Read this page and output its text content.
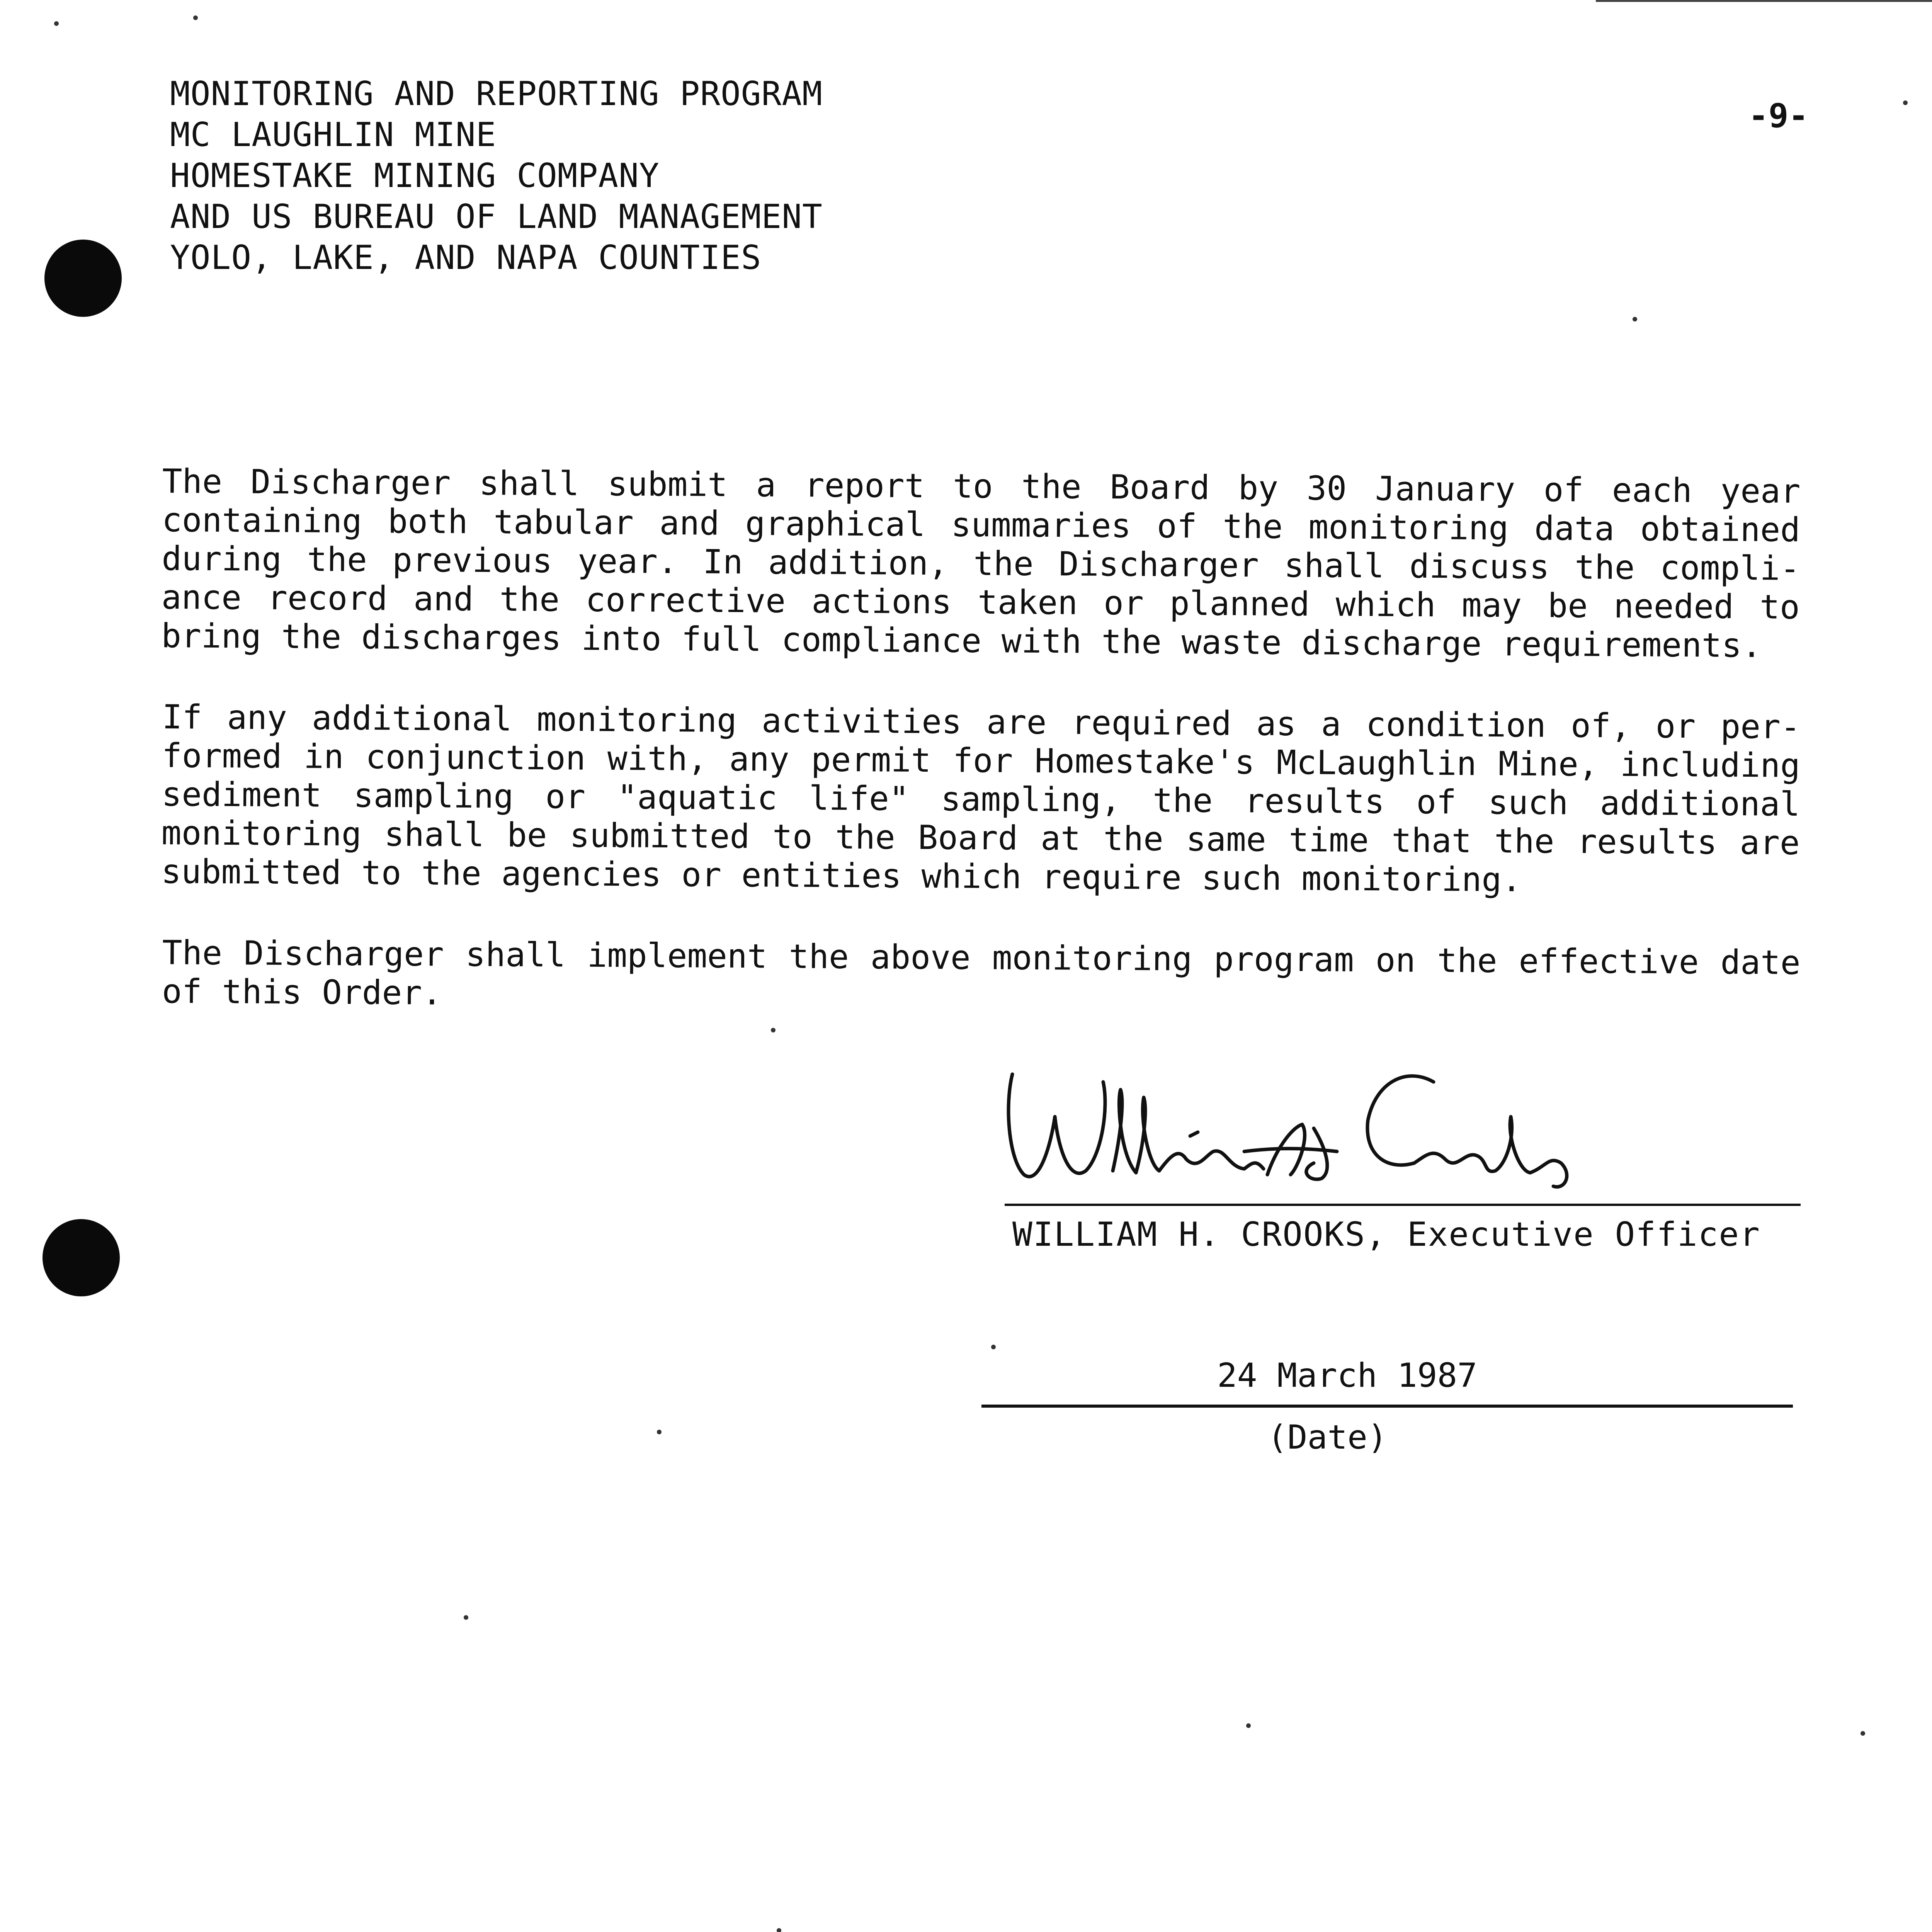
MONITORING AND REPORTING PROGRAM
MC LAUGHLIN MINE
HOMESTAKE MINING COMPANY
AND US BUREAU OF LAND MANAGEMENT
YOLO, LAKE, AND NAPA COUNTIES
-9-

The Discharger shall submit a report to the Board by 30 January of each year containing both tabular and graphical summaries of the monitoring data obtained during the previous year. In addition, the Discharger shall discuss the compli- ance record and the corrective actions taken or planned which may be needed to bring the discharges into full compliance with the waste discharge requirements.

If any additional monitoring activities are required as a condition of, or per- formed in conjunction with, any permit for Homestake's McLaughlin Mine, including sediment sampling or "aquatic life" sampling, the results of such additional monitoring shall be submitted to the Board at the same time that the results are submitted to the agencies or entities which require such monitoring.

The Discharger shall implement the above monitoring program on the effective date of this Order.

WILLIAM H. CROOKS, Executive Officer
24 March 1987
(Date)
